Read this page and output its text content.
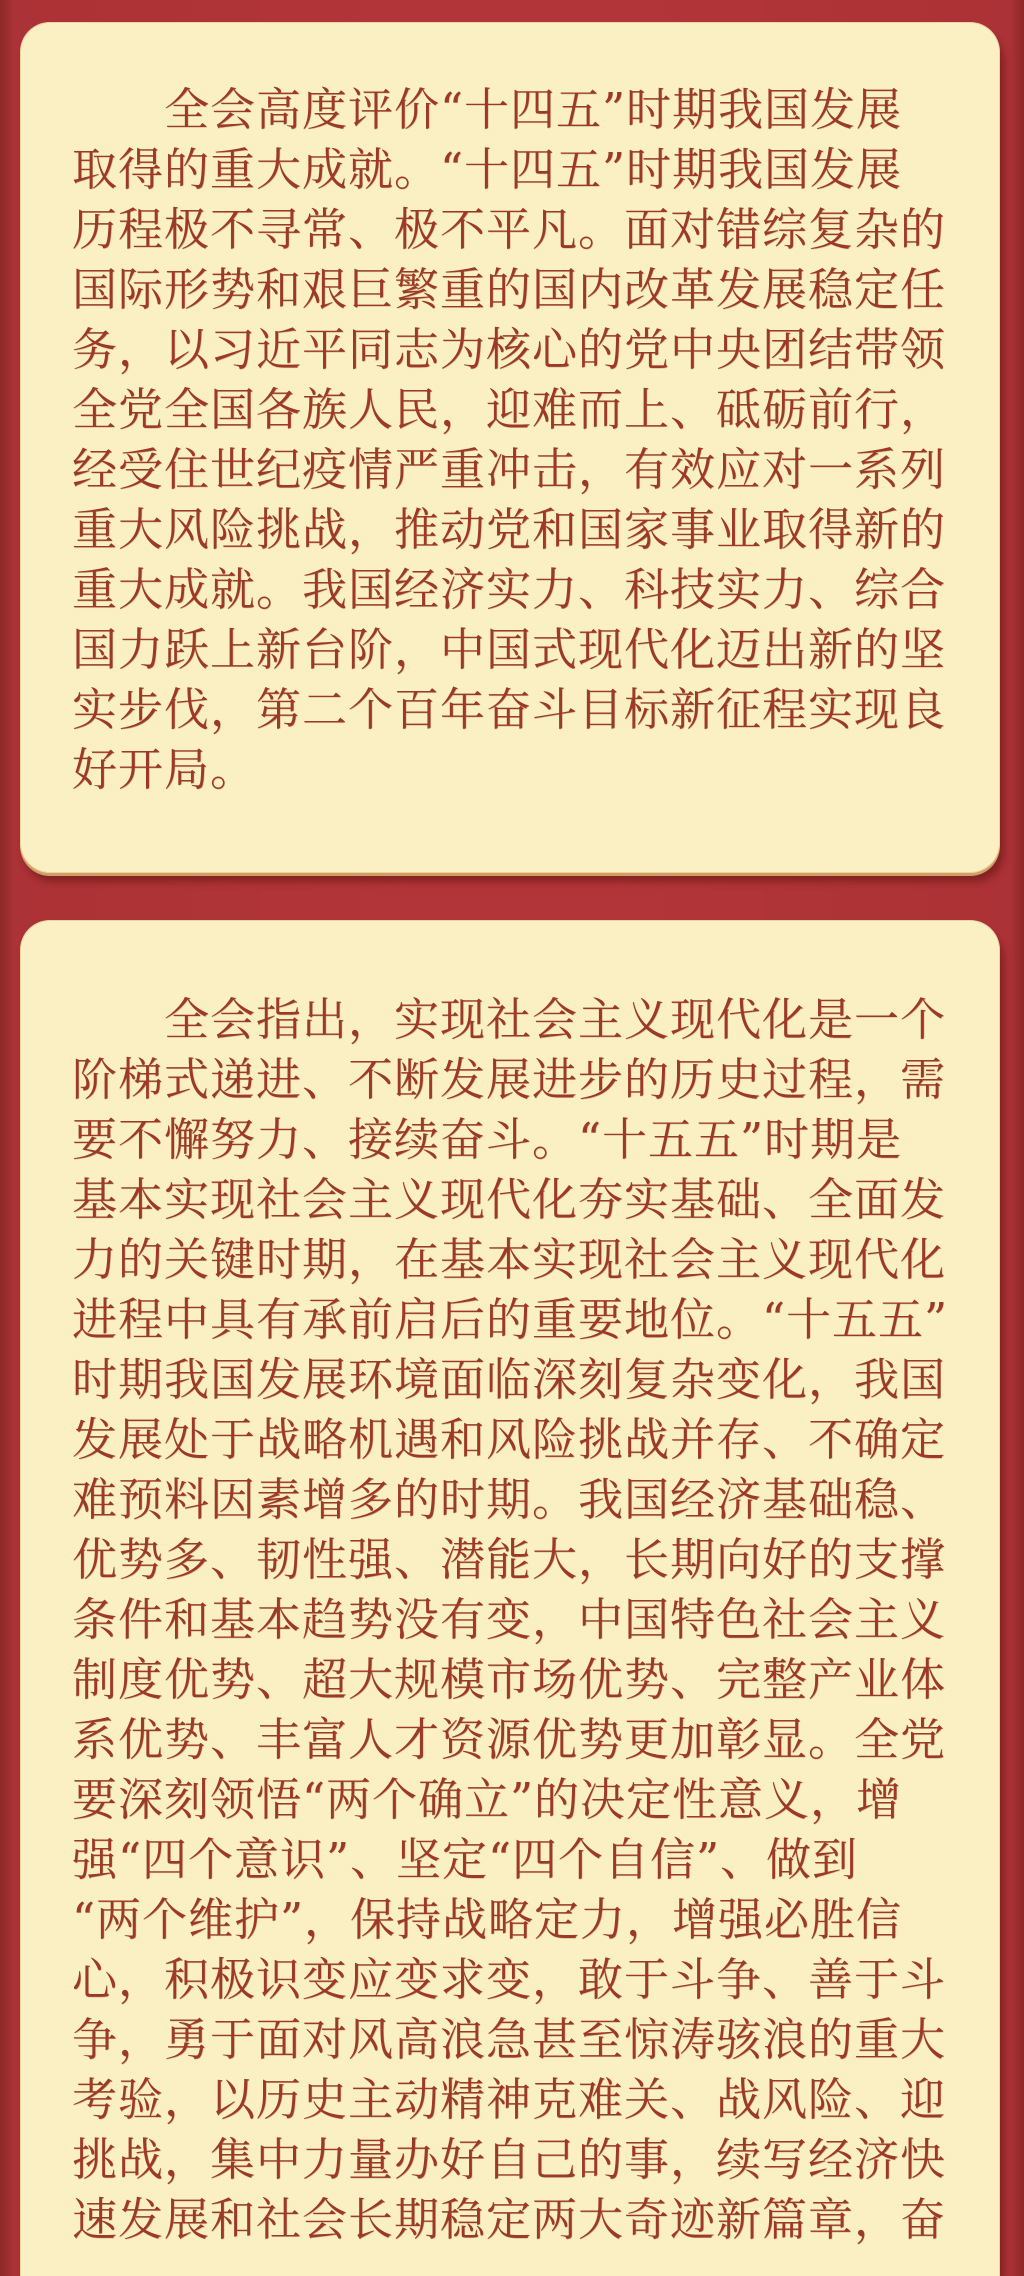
　　全会高度评价“十四五”时期我国发展
取得的重大成就。“十四五”时期我国发展
历程极不寻常、极不平凡。面对错综复杂的
国际形势和艰巨繁重的国内改革发展稳定任
务，以习近平同志为核心的党中央团结带领
全党全国各族人民，迎难而上、砥砺前行，
经受住世纪疫情严重冲击，有效应对一系列
重大风险挑战，推动党和国家事业取得新的
重大成就。我国经济实力、科技实力、综合
国力跃上新台阶，中国式现代化迈出新的坚
实步伐，第二个百年奋斗目标新征程实现良
好开局。
　　全会指出，实现社会主义现代化是一个
阶梯式递进、不断发展进步的历史过程，需
要不懈努力、接续奋斗。“十五五”时期是
基本实现社会主义现代化夯实基础、全面发
力的关键时期，在基本实现社会主义现代化
进程中具有承前启后的重要地位。“十五五”
时期我国发展环境面临深刻复杂变化，我国
发展处于战略机遇和风险挑战并存、不确定
难预料因素增多的时期。我国经济基础稳、
优势多、韧性强、潜能大，长期向好的支撑
条件和基本趋势没有变，中国特色社会主义
制度优势、超大规模市场优势、完整产业体
系优势、丰富人才资源优势更加彰显。全党
要深刻领悟“两个确立”的决定性意义，增
强“四个意识”、坚定“四个自信”、做到
“两个维护”，保持战略定力，增强必胜信
心，积极识变应变求变，敢于斗争、善于斗
争，勇于面对风高浪急甚至惊涛骇浪的重大
考验，以历史主动精神克难关、战风险、迎
挑战，集中力量办好自己的事，续写经济快
速发展和社会长期稳定两大奇迹新篇章，奋
